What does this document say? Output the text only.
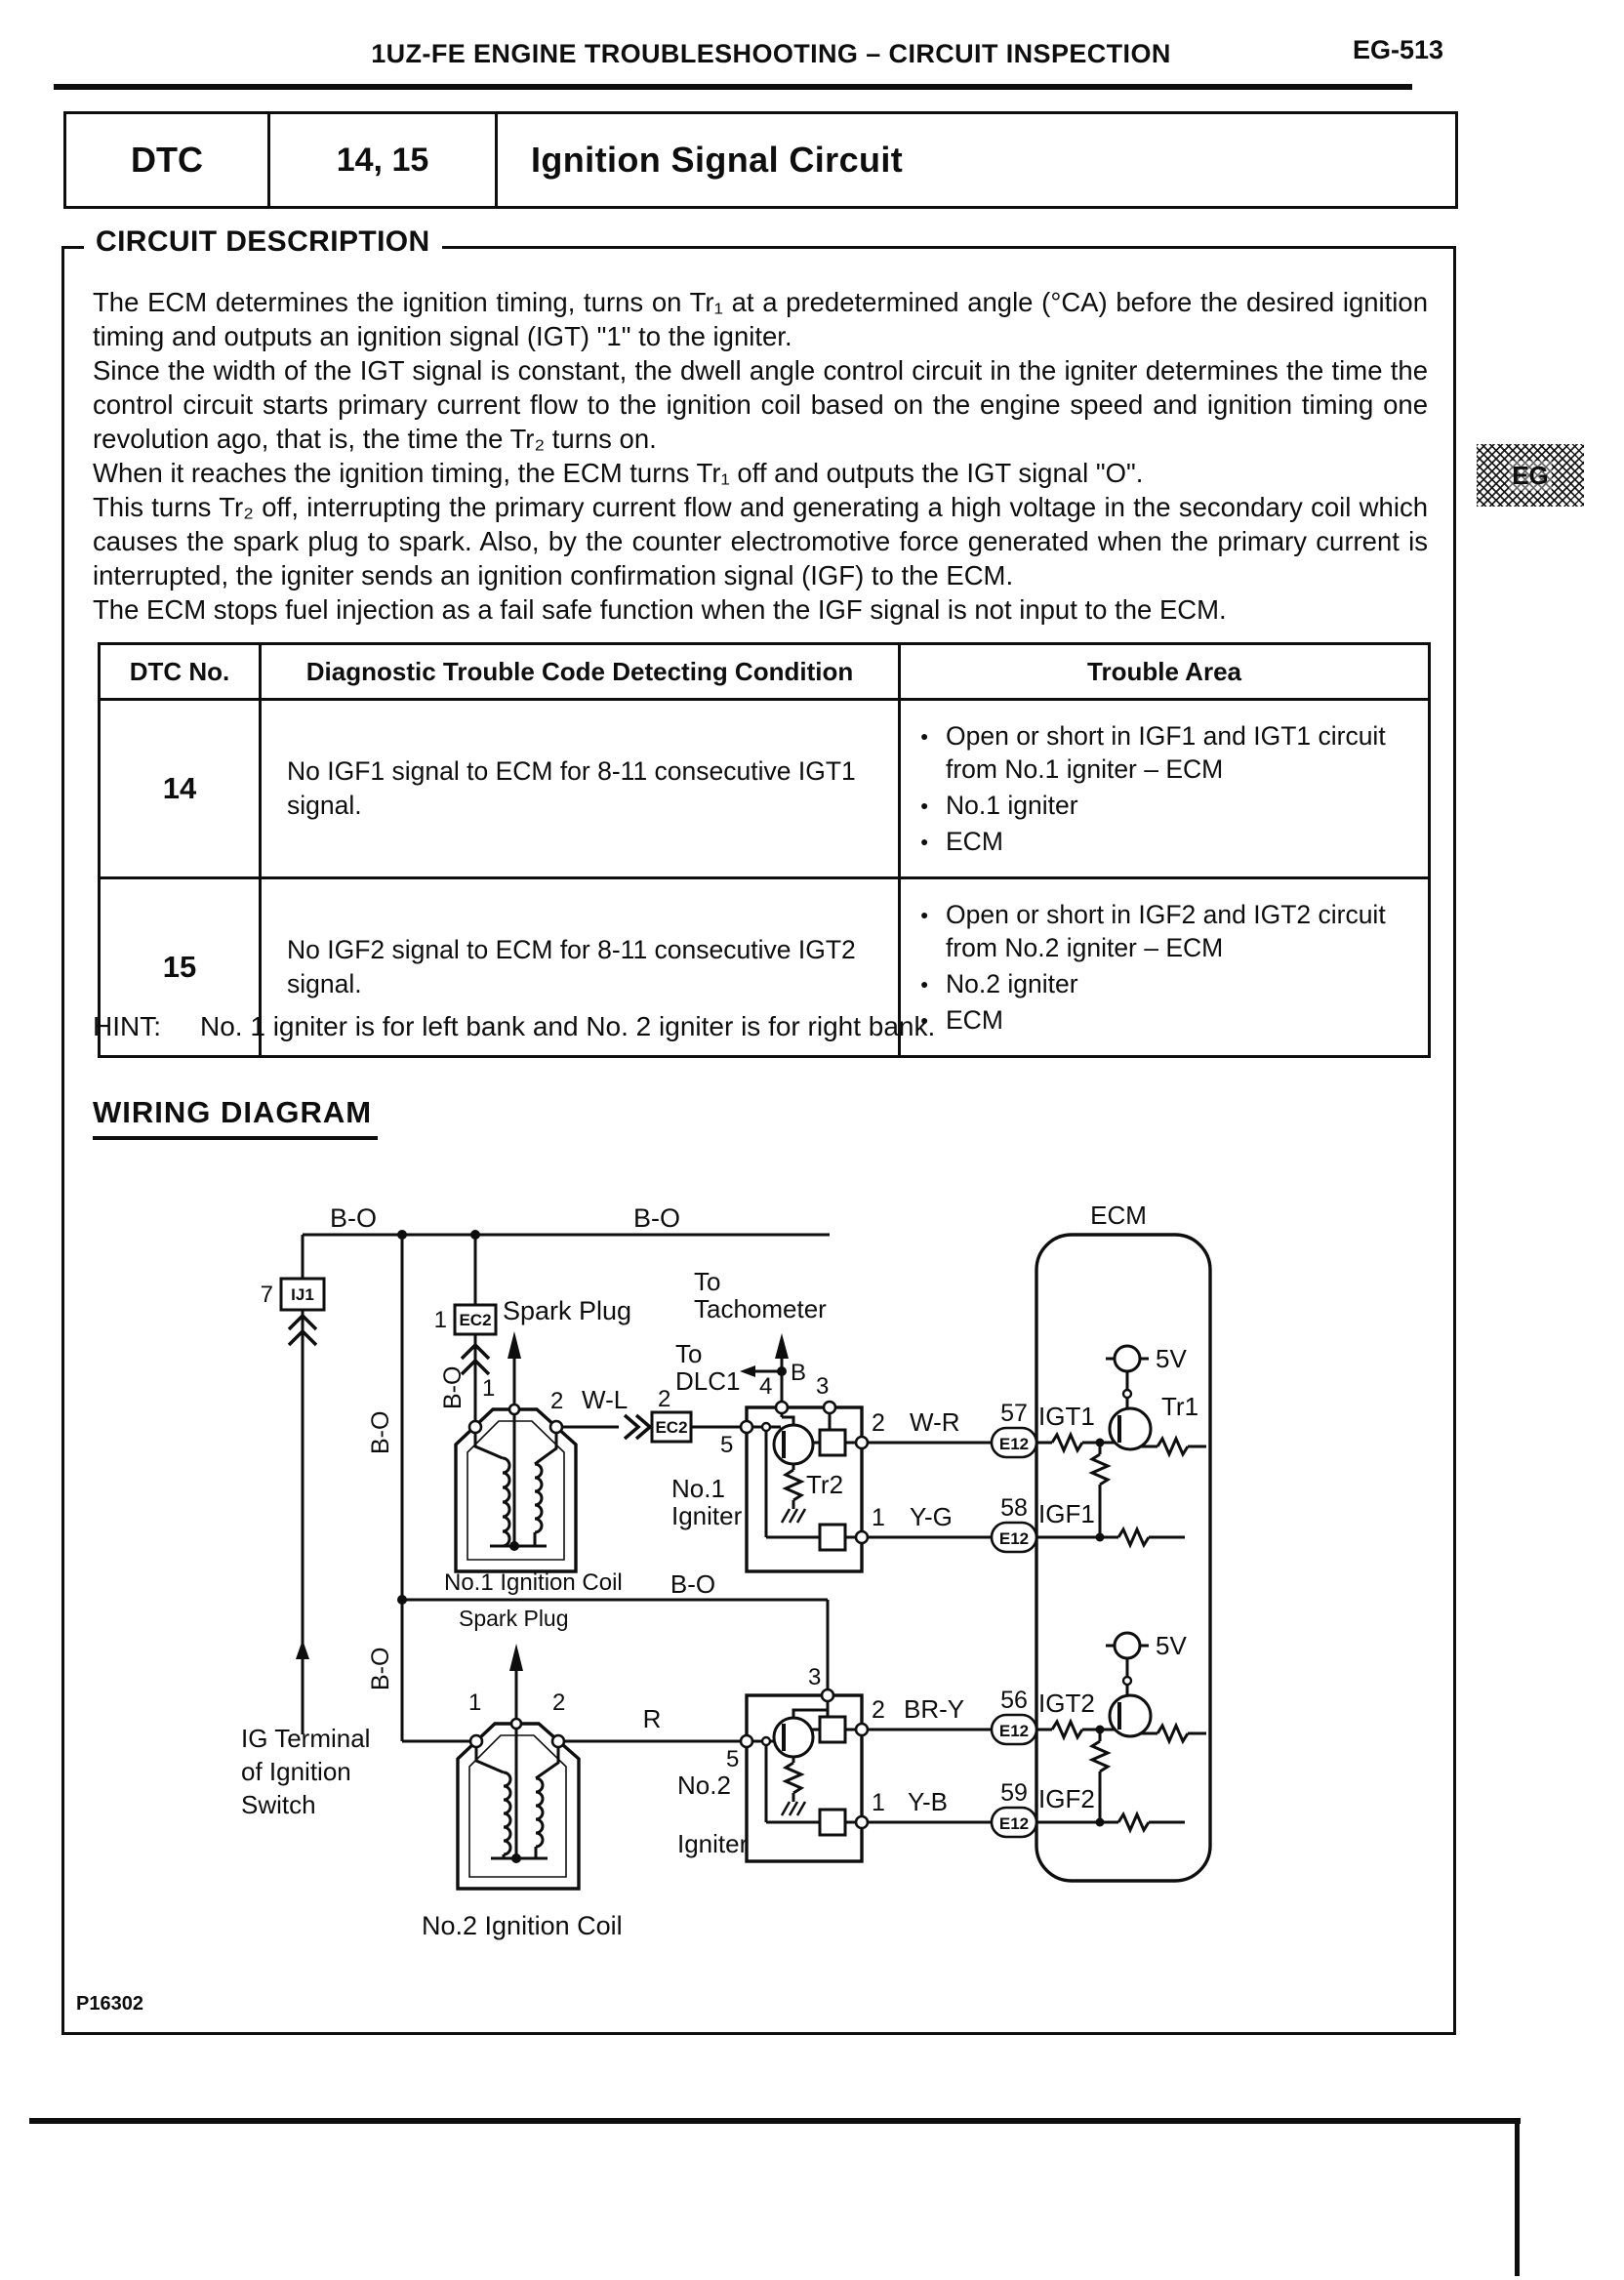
1UZ-FE ENGINE TROUBLESHOOTING – CIRCUIT INSPECTION	EG-513
DTC	14, 15	Ignition Signal Circuit
CIRCUIT DESCRIPTION
EG

The ECM determines the ignition timing, turns on Tr₁ at a predetermined angle (°CA) before the desired ignition timing and outputs an ignition signal (IGT) "1" to the igniter.

Since the width of the IGT signal is constant, the dwell angle control circuit in the igniter determines the time the control circuit starts primary current flow to the ignition coil based on the engine speed and ignition timing one revolution ago, that is, the time the Tr₂ turns on.

When it reaches the ignition timing, the ECM turns Tr₁ off and outputs the IGT signal "O".

This turns Tr₂ off, interrupting the primary current flow and generating a high voltage in the secondary coil which causes the spark plug to spark. Also, by the counter electromotive force generated when the primary current is interrupted, the igniter sends an ignition confirmation signal (IGF) to the ECM.

The ECM stops fuel injection as a fail safe function when the IGF signal is not input to the ECM.

DTC No.	Diagnostic Trouble Code Detecting Condition	Trouble Area
14	No IGF1 signal to ECM for 8-11 consecutive IGT1 signal.	
● Open or short in IGF1 and IGT1 circuit from No.1 igniter – ECM
● No.1 igniter
● ECM

15	No IGF2 signal to ECM for 8-11 consecutive IGT2 signal.	
● Open or short in IGF2 and IGT2 circuit from No.2 igniter – ECM
● No.2 igniter
● ECM
HINT: No. 1 igniter is for left bank and No. 2 igniter is for right bank.
WIRING DIAGRAM
B-O	B-O
B-O
B-O
B-O
B-O
7 IJ1
IG Terminal
of Ignition
Switch
1 EC2 Spark Plug
Spark Plug
1 2 W-L 2
EC2
To
Tachometer
To
DLC1 B
4 3
5
Tr2
No.1
Igniter
No.1 Ignition Coil
2 W-R 57
E12
IGT1
1 Y-G 58
E12
IGF1
5V
Tr1
ECM
1	2
R
3
5
No.2
Igniter
No.2 Ignition Coil
2 BR-Y 56
E12
IGT2
1 Y-B 59
E12
IGF2
5V
P16302
